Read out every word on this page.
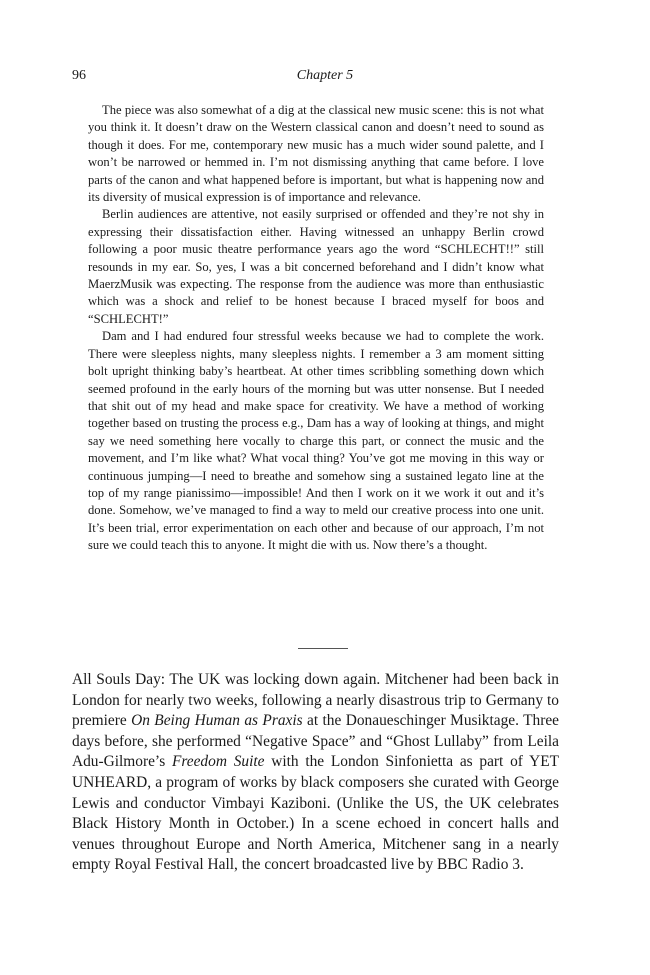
96	Chapter 5

The piece was also somewhat of a dig at the classical new music scene: this is not what you think it. It doesn’t draw on the Western classical canon and doesn’t need to sound as though it does. For me, contemporary new music has a much wider sound palette, and I won’t be narrowed or hemmed in. I’m not dismissing anything that came before. I love parts of the canon and what happened before is important, but what is happening now and its diversity of musical expression is of importance and relevance.

Berlin audiences are attentive, not easily surprised or offended and they’re not shy in expressing their dissatisfaction either. Having witnessed an unhappy Berlin crowd following a poor music theatre performance years ago the word “SCHLECHT!!” still resounds in my ear. So, yes, I was a bit concerned beforehand and I didn’t know what MaerzMusik was expecting. The response from the audience was more than enthusiastic which was a shock and relief to be honest because I braced myself for boos and “SCHLECHT!”

Dam and I had endured four stressful weeks because we had to complete the work. There were sleepless nights, many sleepless nights. I remember a 3 am moment sitting bolt upright thinking baby’s heartbeat. At other times scribbling something down which seemed profound in the early hours of the morning but was utter nonsense. But I needed that shit out of my head and make space for creativity. We have a method of working together based on trusting the process e.g., Dam has a way of looking at things, and might say we need something here vocally to charge this part, or connect the music and the movement, and I’m like what? What vocal thing? You’ve got me moving in this way or continuous jumping—I need to breathe and somehow sing a sustained legato line at the top of my range pianissimo—impossible! And then I work on it we work it out and it’s done. Somehow, we’ve managed to find a way to meld our creative process into one unit. It’s been trial, error experimentation on each other and because of our approach, I’m not sure we could teach this to anyone. It might die with us. Now there’s a thought.

All Souls Day: The UK was locking down again. Mitchener had been back in London for nearly two weeks, following a nearly disastrous trip to Germany to premiere On Being Human as Praxis at the Donaueschinger Musiktage. Three days before, she performed “Negative Space” and “Ghost Lullaby” from Leila Adu-Gilmore’s Freedom Suite with the London Sinfonietta as part of YET UNHEARD, a program of works by black composers she curated with George Lewis and conductor Vimbayi Kaziboni. (Unlike the US, the UK celebrates Black History Month in October.) In a scene echoed in concert halls and venues throughout Europe and North America, Mitchener sang in a nearly empty Royal Festival Hall, the concert broadcasted live by BBC Radio 3.
